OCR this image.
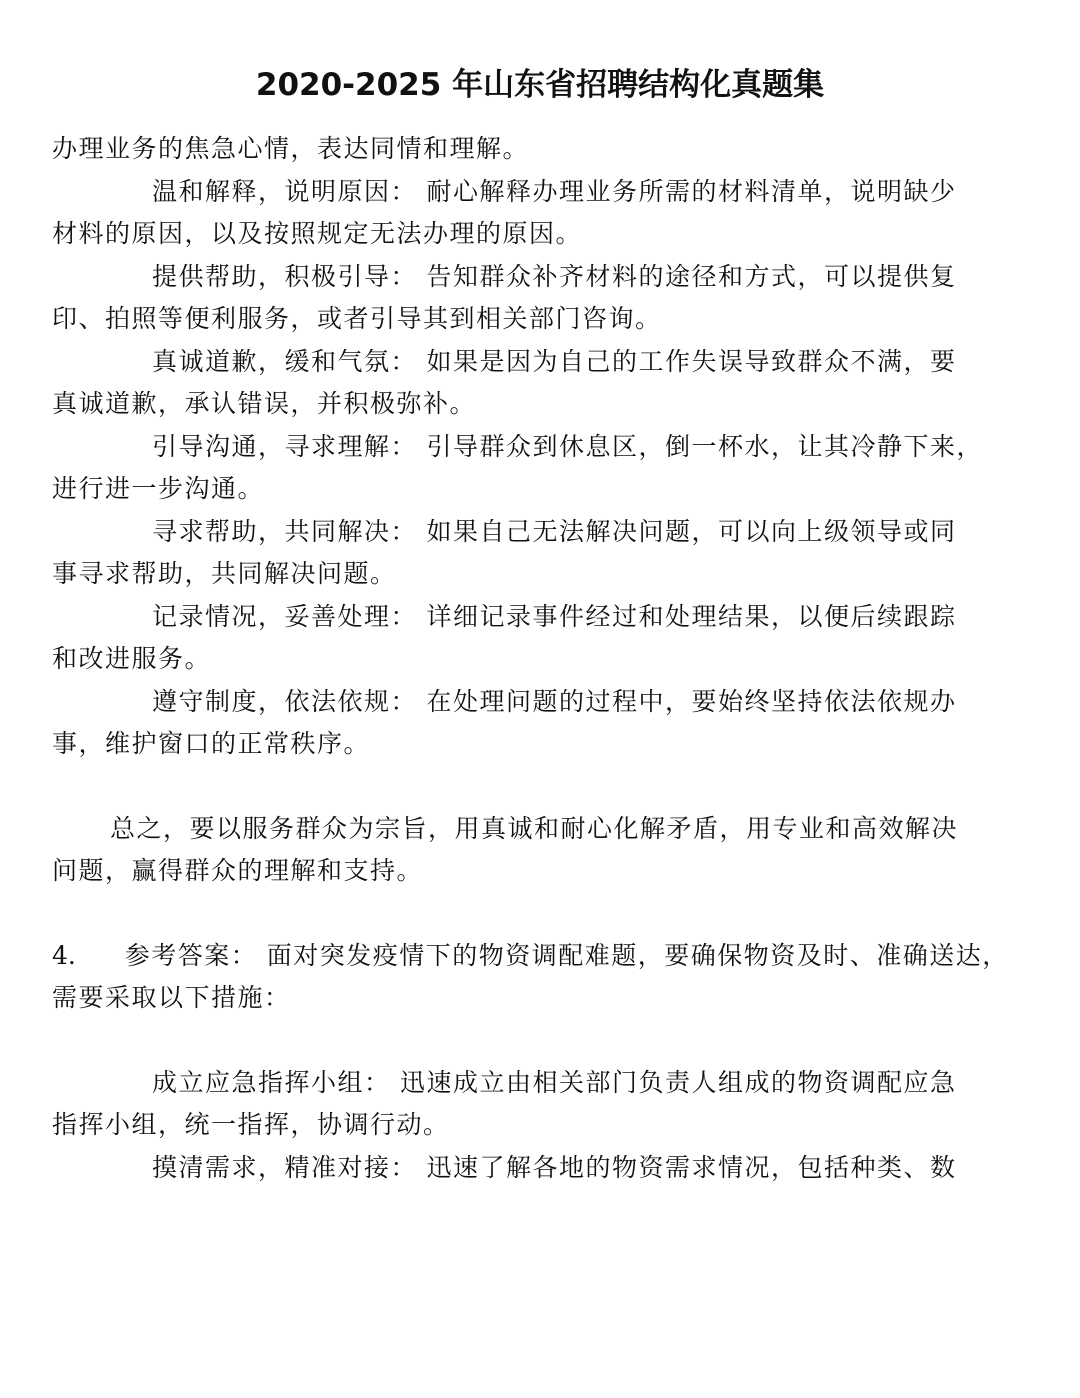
2020-2025 年山东省招聘结构化真题集
办理业务的焦急心情，表达同情和理解。
温和解释，说明原因： 耐心解释办理业务所需的材料清单，说明缺少
材料的原因，以及按照规定无法办理的原因。
提供帮助，积极引导： 告知群众补齐材料的途径和方式，可以提供复
印、拍照等便利服务，或者引导其到相关部门咨询。
真诚道歉，缓和气氛： 如果是因为自己的工作失误导致群众不满，要
真诚道歉，承认错误，并积极弥补。
引导沟通，寻求理解： 引导群众到休息区，倒一杯水，让其冷静下来，
进行进一步沟通。
寻求帮助，共同解决： 如果自己无法解决问题，可以向上级领导或同
事寻求帮助，共同解决问题。
记录情况，妥善处理： 详细记录事件经过和处理结果，以便后续跟踪
和改进服务。
遵守制度，依法依规： 在处理问题的过程中，要始终坚持依法依规办
事，维护窗口的正常秩序。
总之，要以服务群众为宗旨，用真诚和耐心化解矛盾，用专业和高效解决
问题，赢得群众的理解和支持。
4. 参考答案： 面对突发疫情下的物资调配难题，要确保物资及时、准确送达，
需要采取以下措施：
成立应急指挥小组： 迅速成立由相关部门负责人组成的物资调配应急
指挥小组，统一指挥，协调行动。
摸清需求，精准对接： 迅速了解各地的物资需求情况，包括种类、数
